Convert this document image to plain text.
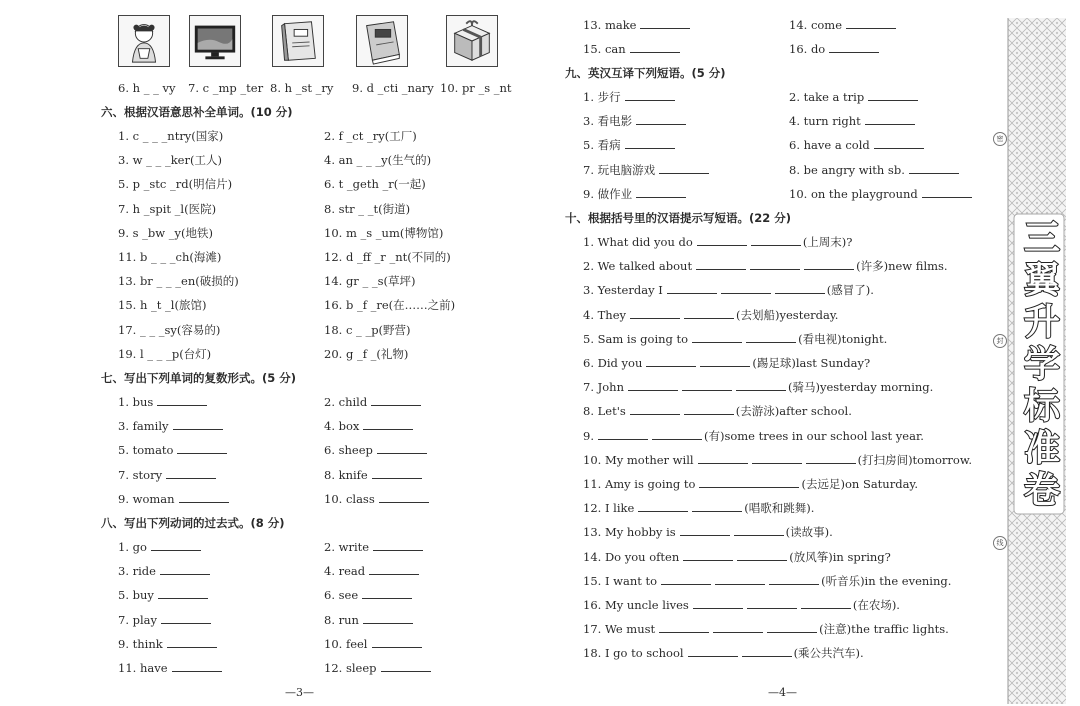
6. h _ _ vy 7. c _mp _ter 8. h _st _ry 9. d _cti _nary 10. pr _s _nt
六、根据汉语意思补全单词。(10 分)
1. c _ _ _ntry(国家)	2. f _ct _ry(工厂)
3. w _ _ _ker(工人)	4. an _ _ _y(生气的)
5. p _stc _rd(明信片)	6. t _geth _r(一起)
7. h _spit _l(医院)	8. str _ _t(街道)
9. s _bw _y(地铁)	10. m _s _um(博物馆)
11. b _ _ _ch(海滩)	12. d _ff _r _nt(不同的)
13. br _ _ _en(破损的)	14. gr _ _s(草坪)
15. h _t _l(旅馆)	16. b _f _re(在……之前)
17. _ _ _sy(容易的)	18. c _ _p(野营)
19. l _ _ _p(台灯)	20. g _f _(礼物)
七、写出下列单词的复数形式。(5 分)
1. bus	2. child
3. family	4. box
5. tomato	6. sheep
7. story	8. knife
9. woman	10. class
八、写出下列动词的过去式。(8 分)
1. go	2. write
3. ride	4. read
5. buy	6. see
7. play	8. run
9. think	10. feel
11. have	12. sleep
13. make	14. come
15. can	16. do
九、英汉互译下列短语。(5 分)
1. 步行	2. take a trip
3. 看电影	4. turn right
5. 看病	6. have a cold
7. 玩电脑游戏	8. be angry with sb.
9. 做作业	10. on the playground
十、根据括号里的汉语提示写短语。(22 分)
1. What did you do	(上周末)?
2. We talked about	(许多)new films.
3. Yesterday I	(感冒了).
4. They	(去划船)yesterday.
5. Sam is going to	(看电视)tonight.
6. Did you	(踢足球)last Sunday?
7. John	(骑马)yesterday morning.
8. Let's	(去游泳)after school.
9.	(有)some trees in our school last year.
10. My mother will	(打扫房间)tomorrow.
11. Amy is going to	(去远足)on Saturday.
12. I like	(唱歌和跳舞).
13. My hobby is	(读故事).
14. Do you often	(放风筝)in spring?
15. I want to	(听音乐)in the evening.
16. My uncle lives	(在农场).
17. We must	(注意)the traffic lights.
18. I go to school	(乘公共汽车).
—3—	—4—
三翼升学标准卷
密
封
线
